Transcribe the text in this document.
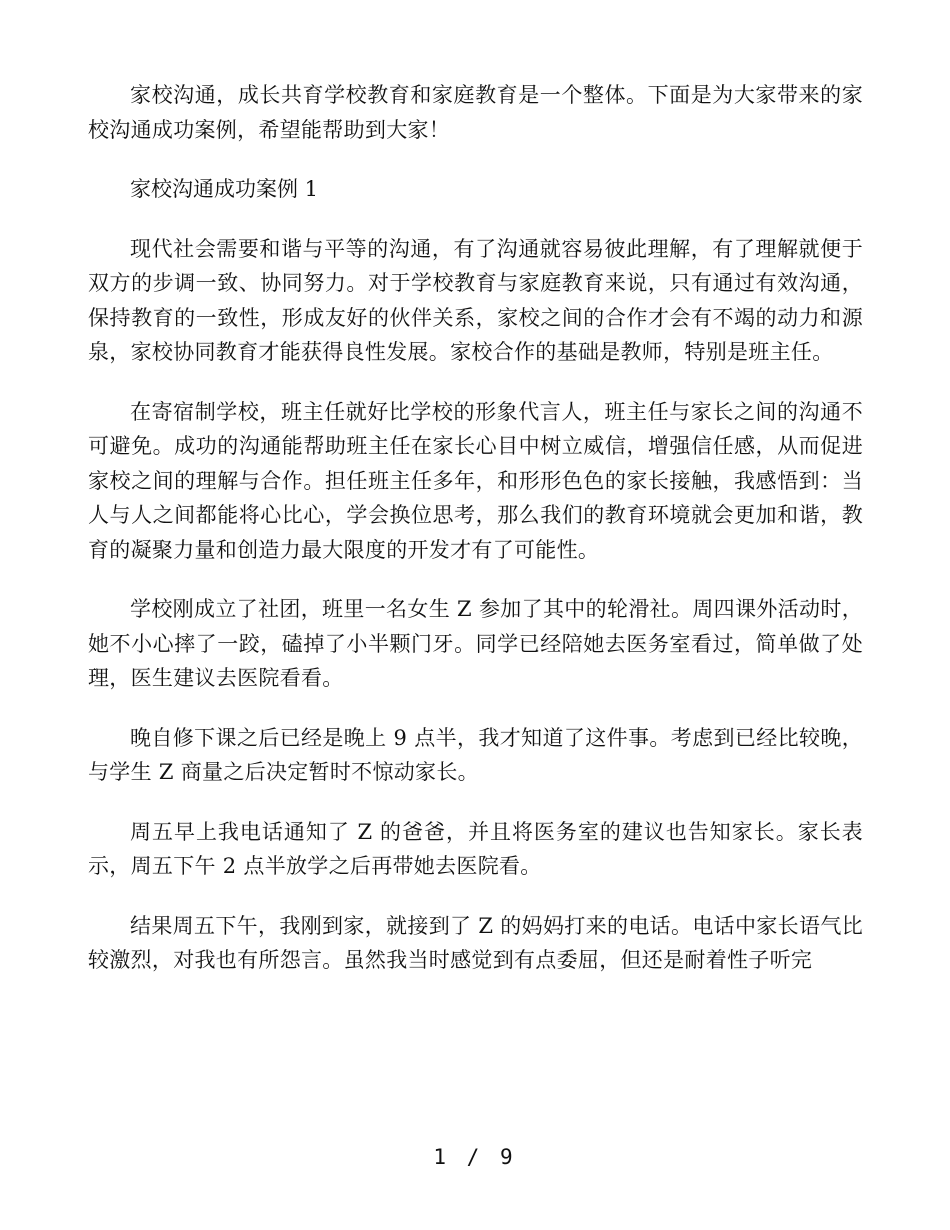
家校沟通，成长共育学校教育和家庭教育是一个整体。下面是为大家带来的家校沟通成功案例，希望能帮助到大家！

家校沟通成功案例 1

现代社会需要和谐与平等的沟通，有了沟通就容易彼此理解，有了理解就便于双方的步调一致、协同努力。对于学校教育与家庭教育来说，只有通过有效沟通，保持教育的一致性，形成友好的伙伴关系，家校之间的合作才会有不竭的动力和源泉，家校协同教育才能获得良性发展。家校合作的基础是教师，特别是班主任。

在寄宿制学校，班主任就好比学校的形象代言人，班主任与家长之间的沟通不可避免。成功的沟通能帮助班主任在家长心目中树立威信，增强信任感，从而促进家校之间的理解与合作。担任班主任多年，和形形色色的家长接触，我感悟到：当人与人之间都能将心比心，学会换位思考，那么我们的教育环境就会更加和谐，教育的凝聚力量和创造力最大限度的开发才有了可能性。

学校刚成立了社团，班里一名女生 Z 参加了其中的轮滑社。周四课外活动时，她不小心摔了一跤，磕掉了小半颗门牙。同学已经陪她去医务室看过，简单做了处理，医生建议去医院看看。

晚自修下课之后已经是晚上 9 点半，我才知道了这件事。考虑到已经比较晚，与学生 Z 商量之后决定暂时不惊动家长。

周五早上我电话通知了 Z 的爸爸，并且将医务室的建议也告知家长。家长表示，周五下午 2 点半放学之后再带她去医院看。

结果周五下午，我刚到家，就接到了 Z 的妈妈打来的电话。电话中家长语气比较激烈，对我也有所怨言。虽然我当时感觉到有点委屈，但还是耐着性子听完

1 / 9
